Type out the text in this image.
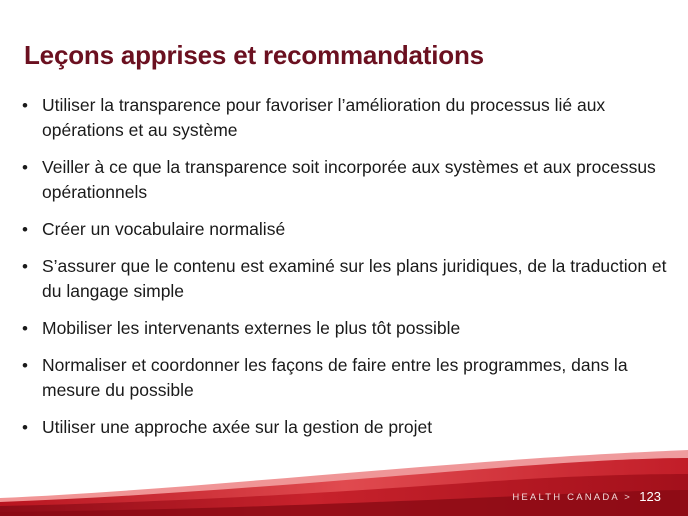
Leçons apprises et recommandations
• Utiliser la transparence pour favoriser l’amélioration du processus lié aux opérations et au système
• Veiller à ce que la transparence soit incorporée aux systèmes et aux processus opérationnels
• Créer un vocabulaire normalisé
• S’assurer que le contenu est examiné sur les plans juridiques, de la traduction et du langage simple
• Mobiliser les intervenants externes le plus tôt possible
• Normaliser et coordonner les façons de faire entre les programmes, dans la mesure du possible
• Utiliser une approche axée sur la gestion de projet
HEALTH CANADA > 123
